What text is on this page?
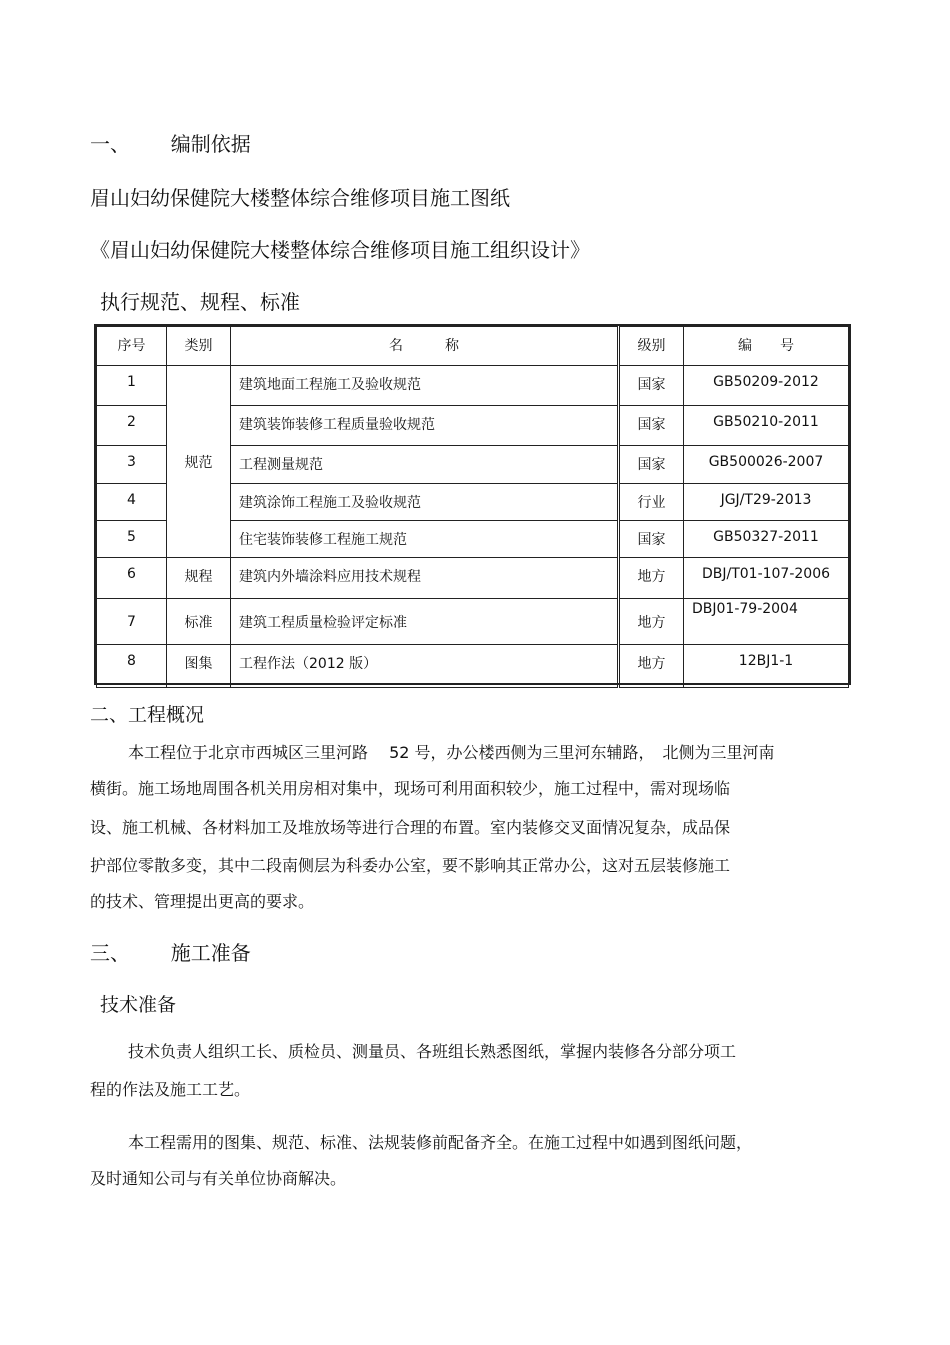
一、 编制依据
眉山妇幼保健院大楼整体综合维修项目施工图纸
《眉山妇幼保健院大楼整体综合维修项目施工组织设计》
执行规范、规程、标准
序号	类别	名　　　称	级别	编　　号
1	规范	建筑地面工程施工及验收规范	国家	GB50209-2012
2		建筑装饰装修工程质量验收规范	国家	GB50210-2011
3		工程测量规范	国家	GB500026-2007
4		建筑涂饰工程施工及验收规范	行业	JGJ/T29-2013
5		住宅装饰装修工程施工规范	国家	GB50327-2011
6	规程	建筑内外墙涂料应用技术规程	地方	DBJ/T01-107-2006
7	标准	建筑工程质量检验评定标准	地方	DBJ01-79-2004
8	图集	工程作法（2012 版）	地方	12BJ1-1
二、工程概况
本工程位于北京市西城区三里河路　 52 号，办公楼西侧为三里河东辅路，　北侧为三里河南
横街。施工场地周围各机关用房相对集中，现场可利用面积较少，施工过程中，需对现场临
设、施工机械、各材料加工及堆放场等进行合理的布置。室内装修交叉面情况复杂，成品保
护部位零散多变，其中二段南侧层为科委办公室，要不影响其正常办公，这对五层装修施工
的技术、管理提出更高的要求。
三、 施工准备
技术准备
技术负责人组织工长、质检员、测量员、各班组长熟悉图纸，掌握内装修各分部分项工
程的作法及施工工艺。
本工程需用的图集、规范、标准、法规装修前配备齐全。在施工过程中如遇到图纸问题，
及时通知公司与有关单位协商解决。
